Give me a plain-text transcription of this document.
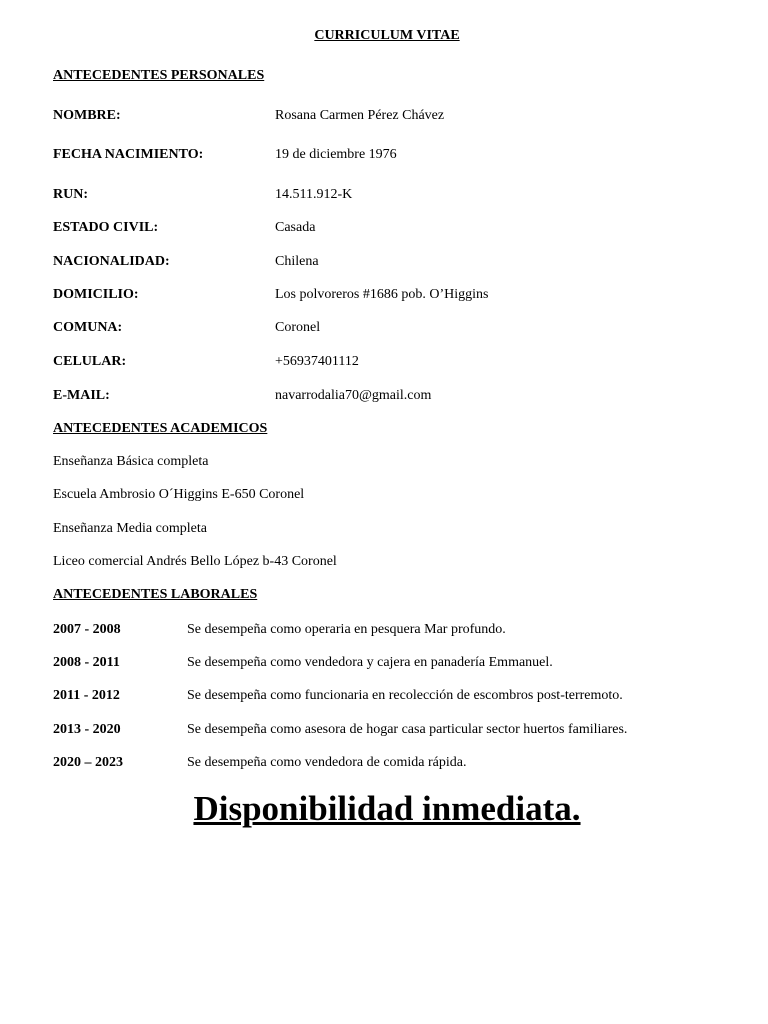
CURRICULUM VITAE
ANTECEDENTES PERSONALES
NOMBRE:	Rosana Carmen Pérez Chávez
FECHA NACIMIENTO:	19 de diciembre 1976
RUN:	14.511.912-K
ESTADO CIVIL:	Casada
NACIONALIDAD:	Chilena
DOMICILIO:	Los polvoreros #1686 pob. O’Higgins
COMUNA:	Coronel
CELULAR:	+56937401112
E-MAIL:	navarrodalia70@gmail.com
ANTECEDENTES ACADEMICOS
Enseñanza Básica completa
Escuela Ambrosio O´Higgins E-650 Coronel
Enseñanza Media completa
Liceo comercial Andrés Bello López b-43 Coronel
ANTECEDENTES LABORALES
2007 - 2008	Se desempeña como operaria en pesquera Mar profundo.
2008 - 2011	Se desempeña como vendedora y cajera en panadería Emmanuel.
2011 - 2012	Se desempeña como funcionaria en recolección de escombros post-terremoto.
2013 - 2020	Se desempeña como asesora de hogar casa particular sector huertos familiares.
2020 – 2023	Se desempeña como vendedora de comida rápida.
Disponibilidad inmediata.
